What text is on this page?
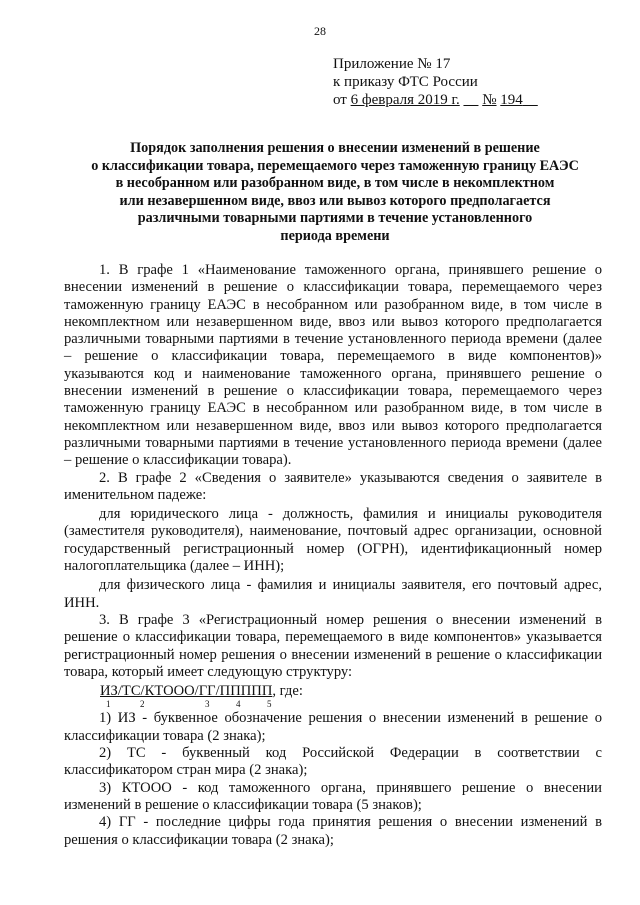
28
Приложение № 17
к приказу ФТС России
от 6 февраля 2019 г. № 194
Порядок заполнения решения о внесении изменений в решение
о классификации товара, перемещаемого через таможенную границу ЕАЭС
в несобранном или разобранном виде, в том числе в некомплектном
или незавершенном виде, ввоз или вывоз которого предполагается
различными товарными партиями в течение установленного
периода времени

1. В графе 1 «Наименование таможенного органа, принявшего решение о внесении изменений в решение о классификации товара, перемещаемого через таможенную границу ЕАЭС в несобранном или разобранном виде, в том числе в некомплектном или незавершенном виде, ввоз или вывоз которого предполагается различными товарными партиями в течение установленного периода времени (далее – решение о классификации товара, перемещаемого в виде компонентов)» указываются код и наименование таможенного органа, принявшего решение о внесении изменений в решение о классификации товара, перемещаемого через таможенную границу ЕАЭС в несобранном или разобранном виде, в том числе в некомплектном или незавершенном виде, ввоз или вывоз которого предполагается различными товарными партиями в течение установленного периода времени (далее – решение о классификации товара).

2. В графе 2 «Сведения о заявителе» указываются сведения о заявителе в именительном падеже:

для юридического лица - должность, фамилия и инициалы руководителя (заместителя руководителя), наименование, почтовый адрес организации, основной государственный регистрационный номер (ОГРН), идентификационный номер налогоплательщика (далее – ИНН);

для физического лица - фамилия и инициалы заявителя, его почтовый адрес, ИНН.

3. В графе 3 «Регистрационный номер решения о внесении изменений в решение о классификации товара, перемещаемого в виде компонентов» указывается регистрационный номер решения о внесении изменений в решение о классификации товара, который имеет следующую структуру:

ИЗ/ТС/КТООО/ГГ/ППППП, где:
1	2	3	4	5

1) ИЗ - буквенное обозначение решения о внесении изменений в решение о классификации товара (2 знака);

2) ТС - буквенный код Российской Федерации в соответствии с классификатором стран мира (2 знака);

3) КТООО - код таможенного органа, принявшего решение о внесении изменений в решение о классификации товара (5 знаков);

4) ГГ - последние цифры года принятия решения о внесении изменений в решения о классификации товара (2 знака);
